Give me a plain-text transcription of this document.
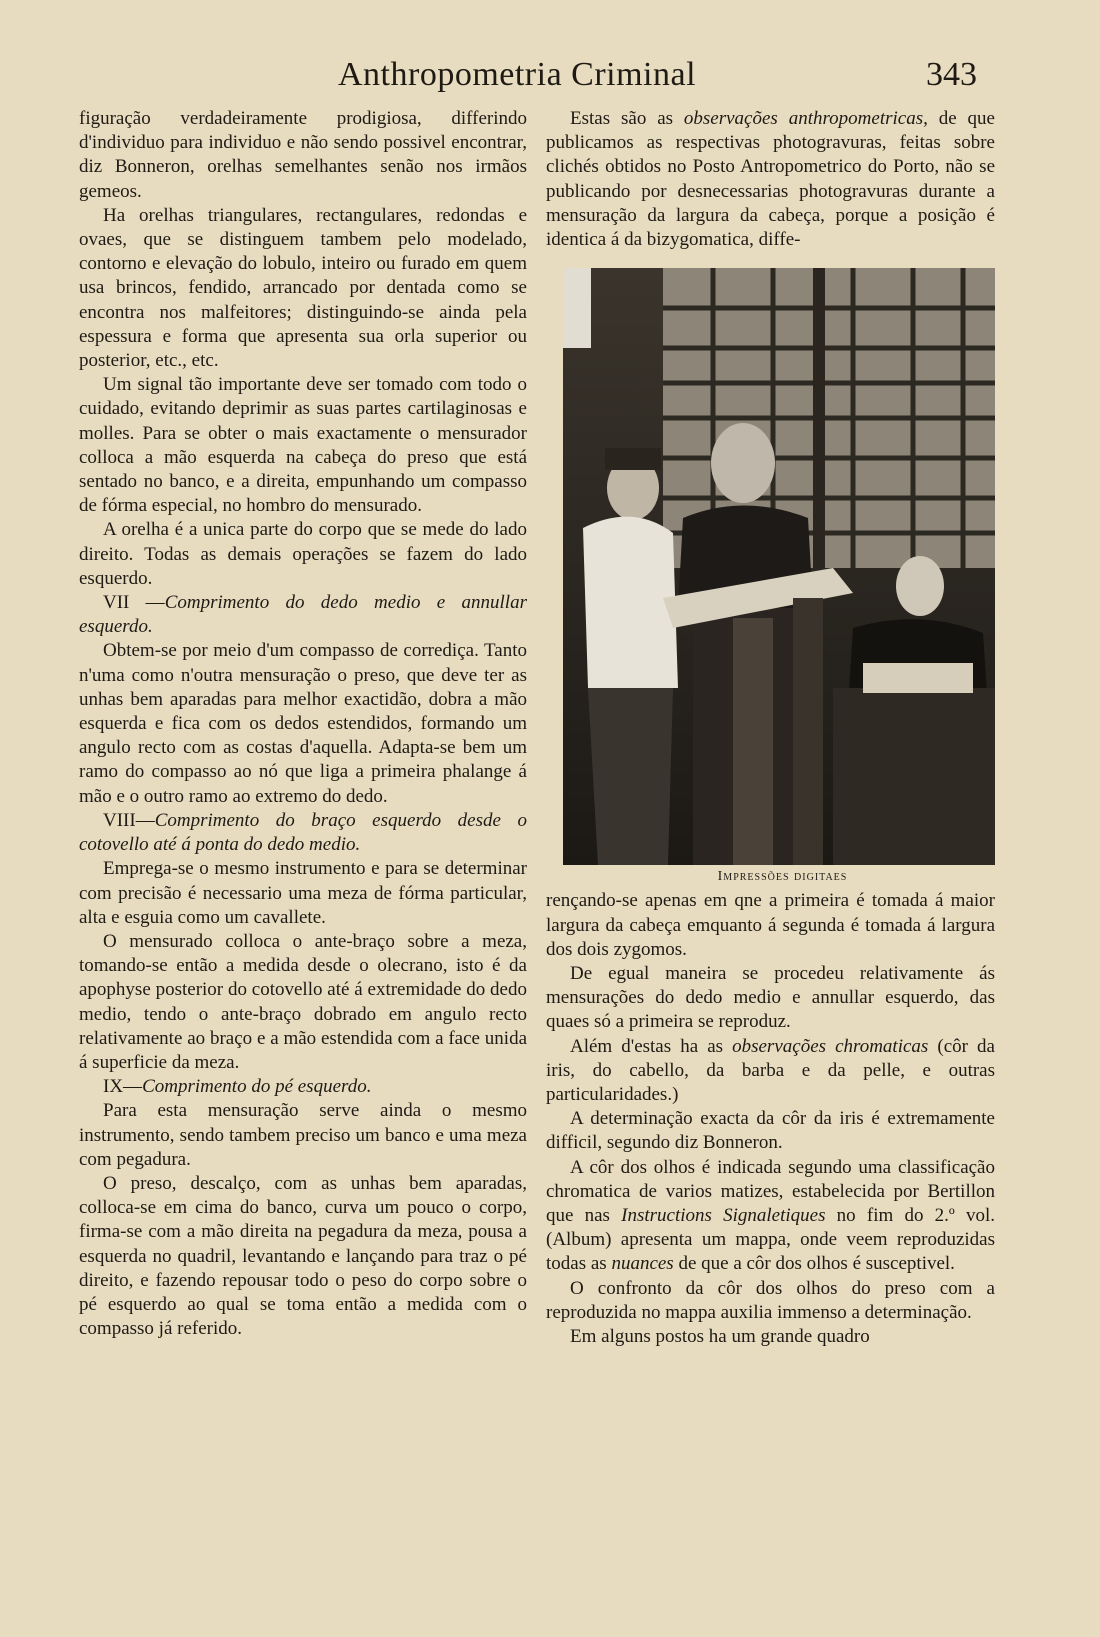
Anthropometria Criminal	343

figuração verdadeiramente prodigiosa, differindo d'individuo para individuo e não sendo possivel encontrar, diz Bonneron, orelhas semelhantes senão nos irmãos gemeos.

Ha orelhas triangulares, rectangulares, redondas e ovaes, que se distinguem tambem pelo modelado, contorno e elevação do lobulo, inteiro ou furado em quem usa brincos, fendido, arrancado por dentada como se encontra nos malfeitores; distinguindo-se ainda pela espessura e forma que apresenta sua orla superior ou posterior, etc., etc.

Um signal tão importante deve ser tomado com todo o cuidado, evitando deprimir as suas partes cartilaginosas e molles. Para se obter o mais exactamente o mensurador colloca a mão esquerda na cabeça do preso que está sentado no banco, e a direita, empunhando um compasso de fórma especial, no hombro do mensurado.

A orelha é a unica parte do corpo que se mede do lado direito. Todas as demais operações se fazem do lado esquerdo.

VII —Comprimento do dedo medio e annullar esquerdo.

Obtem-se por meio d'um compasso de corrediça. Tanto n'uma como n'outra mensuração o preso, que deve ter as unhas bem aparadas para melhor exactidão, dobra a mão esquerda e fica com os dedos estendidos, formando um angulo recto com as costas d'aquella. Adapta-se bem um ramo do compasso ao nó que liga a primeira phalange á mão e o outro ramo ao extremo do dedo.

VIII—Comprimento do braço esquerdo desde o cotovello até á ponta do dedo medio.

Emprega-se o mesmo instrumento e para se determinar com precisão é necessario uma meza de fórma particular, alta e esguia como um cavallete.

O mensurado colloca o ante-braço sobre a meza, tomando-se então a medida desde o olecrano, isto é da apophyse posterior do cotovello até á extremidade do dedo medio, tendo o ante-braço dobrado em angulo recto relativamente ao braço e a mão estendida com a face unida á superficie da meza.

IX—Comprimento do pé esquerdo.

Para esta mensuração serve ainda o mesmo instrumento, sendo tambem preciso um banco e uma meza com pegadura.

O preso, descalço, com as unhas bem aparadas, colloca-se em cima do banco, curva um pouco o corpo, firma-se com a mão direita na pegadura da meza, pousa a esquerda no quadril, levantando e lançando para traz o pé direito, e fazendo repousar todo o peso do corpo sobre o pé esquerdo ao qual se toma então a medida com o compasso já referido.

Estas são as observações anthropometricas, de que publicamos as respectivas photogravuras, feitas sobre clichés obtidos no Posto Antropometrico do Porto, não se publicando por desnecessarias photogravuras durante a mensuração da largura da cabeça, porque a posição é identica á da bizygomatica, diffe-

Impressões digitaes

rençando-se apenas em qne a primeira é tomada á maior largura da cabeça emquanto á segunda é tomada á largura dos dois zygomos.

De egual maneira se procedeu relativamente ás mensurações do dedo medio e annullar esquerdo, das quaes só a primeira se reproduz.

Além d'estas ha as observações chromaticas (côr da iris, do cabello, da barba e da pelle, e outras particularidades.)

A determinação exacta da côr da iris é extremamente difficil, segundo diz Bonneron.

A côr dos olhos é indicada segundo uma classificação chromatica de varios matizes, estabelecida por Bertillon que nas Instructions Signaletiques no fim do 2.º vol. (Album) apresenta um mappa, onde veem reproduzidas todas as nuances de que a côr dos olhos é susceptivel.

O confronto da côr dos olhos do preso com a reproduzida no mappa auxilia immenso a determinação.

Em alguns postos ha um grande quadro
